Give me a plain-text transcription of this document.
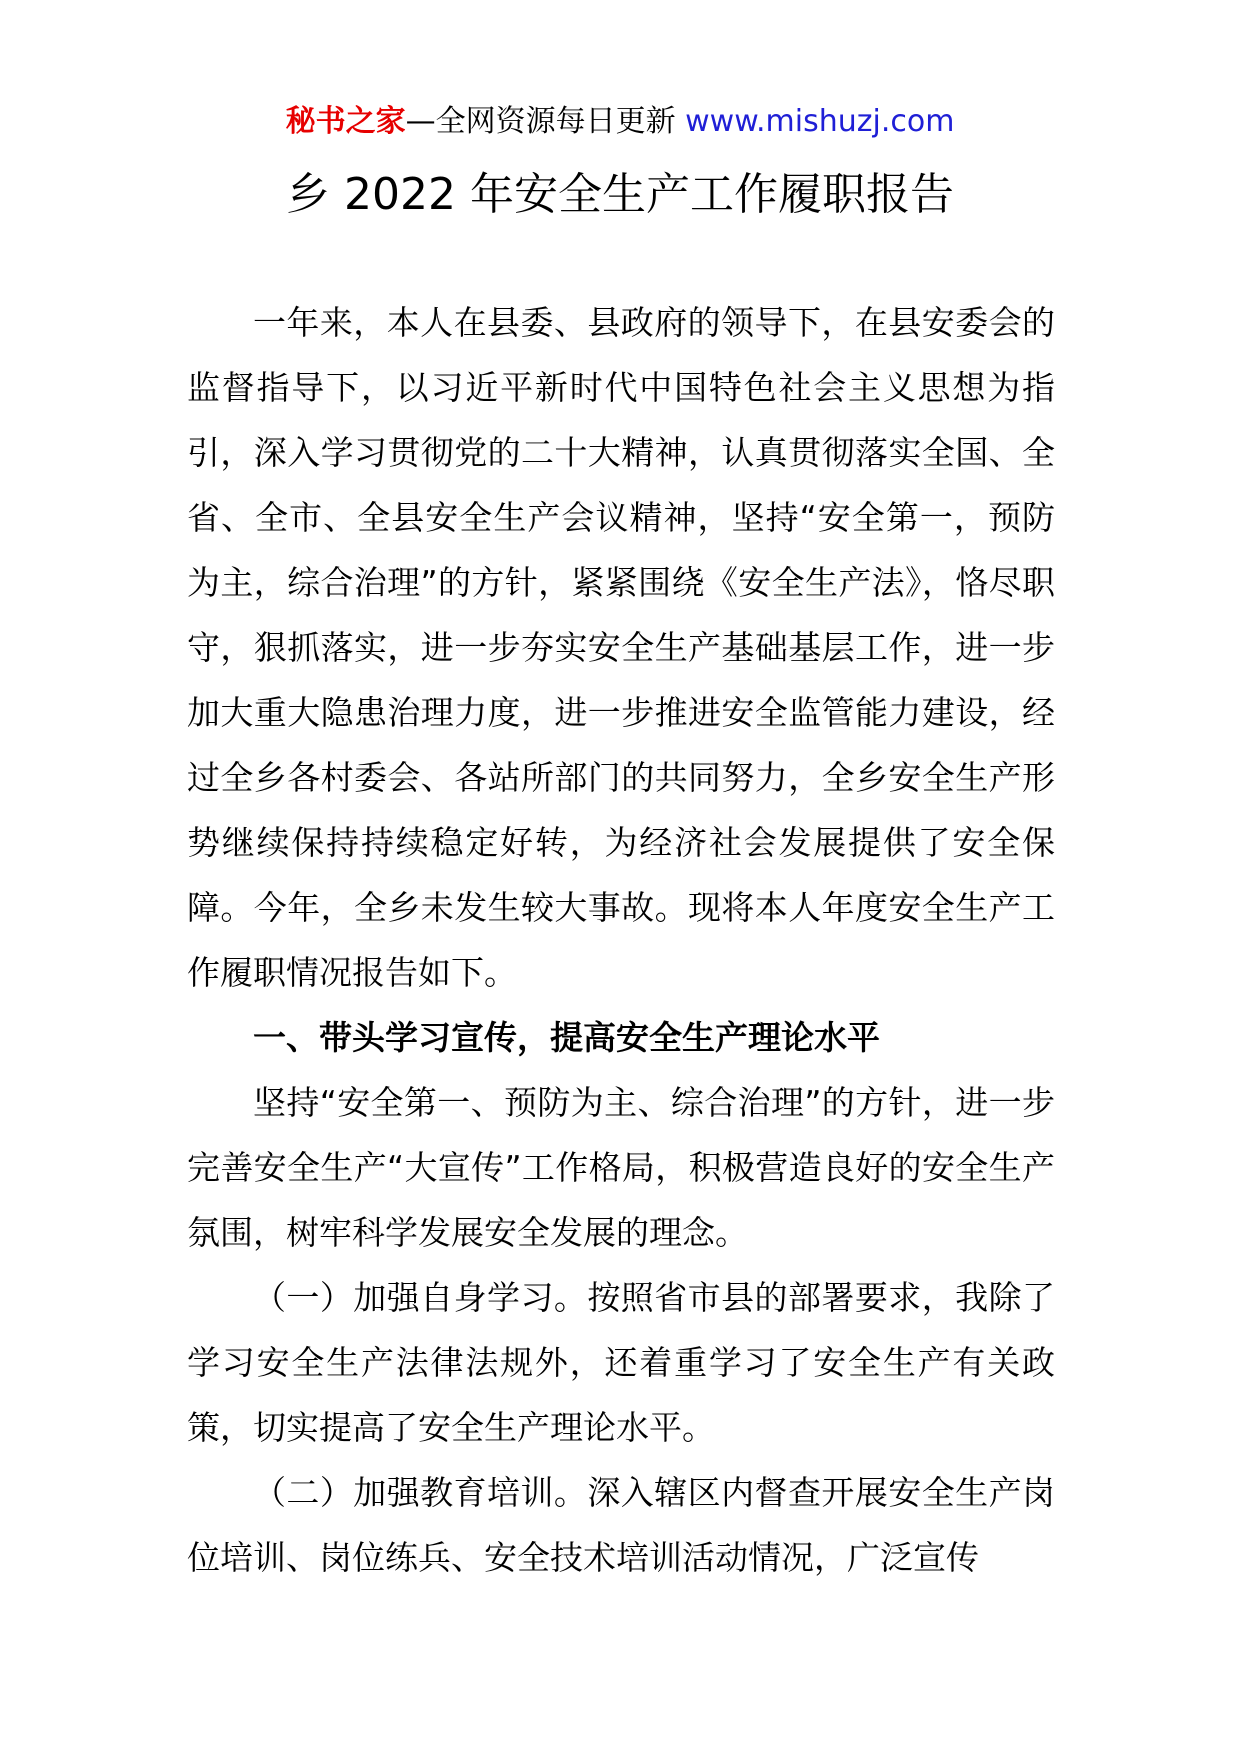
秘书之家—全网资源每日更新 www.mishuzj.com
乡 2022 年安全生产工作履职报告

一年来，本人在县委、县政府的领导下，在县安委会的监督指导下，以习近平新时代中国特色社会主义思想为指引，深入学习贯彻党的二十大精神，认真贯彻落实全国、全省、全市、全县安全生产会议精神，坚持“安全第一，预防为主，综合治理”的方针，紧紧围绕《安全生产法》，恪尽职守，狠抓落实，进一步夯实安全生产基础基层工作，进一步加大重大隐患治理力度，进一步推进安全监管能力建设，经过全乡各村委会、各站所部门的共同努力，全乡安全生产形势继续保持持续稳定好转，为经济社会发展提供了安全保障。今年，全乡未发生较大事故。现将本人年度安全生产工作履职情况报告如下。

一、带头学习宣传，提高安全生产理论水平

坚持“安全第一、预防为主、综合治理”的方针，进一步完善安全生产“大宣传”工作格局，积极营造良好的安全生产氛围，树牢科学发展安全发展的理念。

（一）加强自身学习。按照省市县的部署要求，我除了学习安全生产法律法规外，还着重学习了安全生产有关政策，切实提高了安全生产理论水平。

（二）加强教育培训。深入辖区内督查开展安全生产岗位培训、岗位练兵、安全技术培训活动情况，广泛宣传
